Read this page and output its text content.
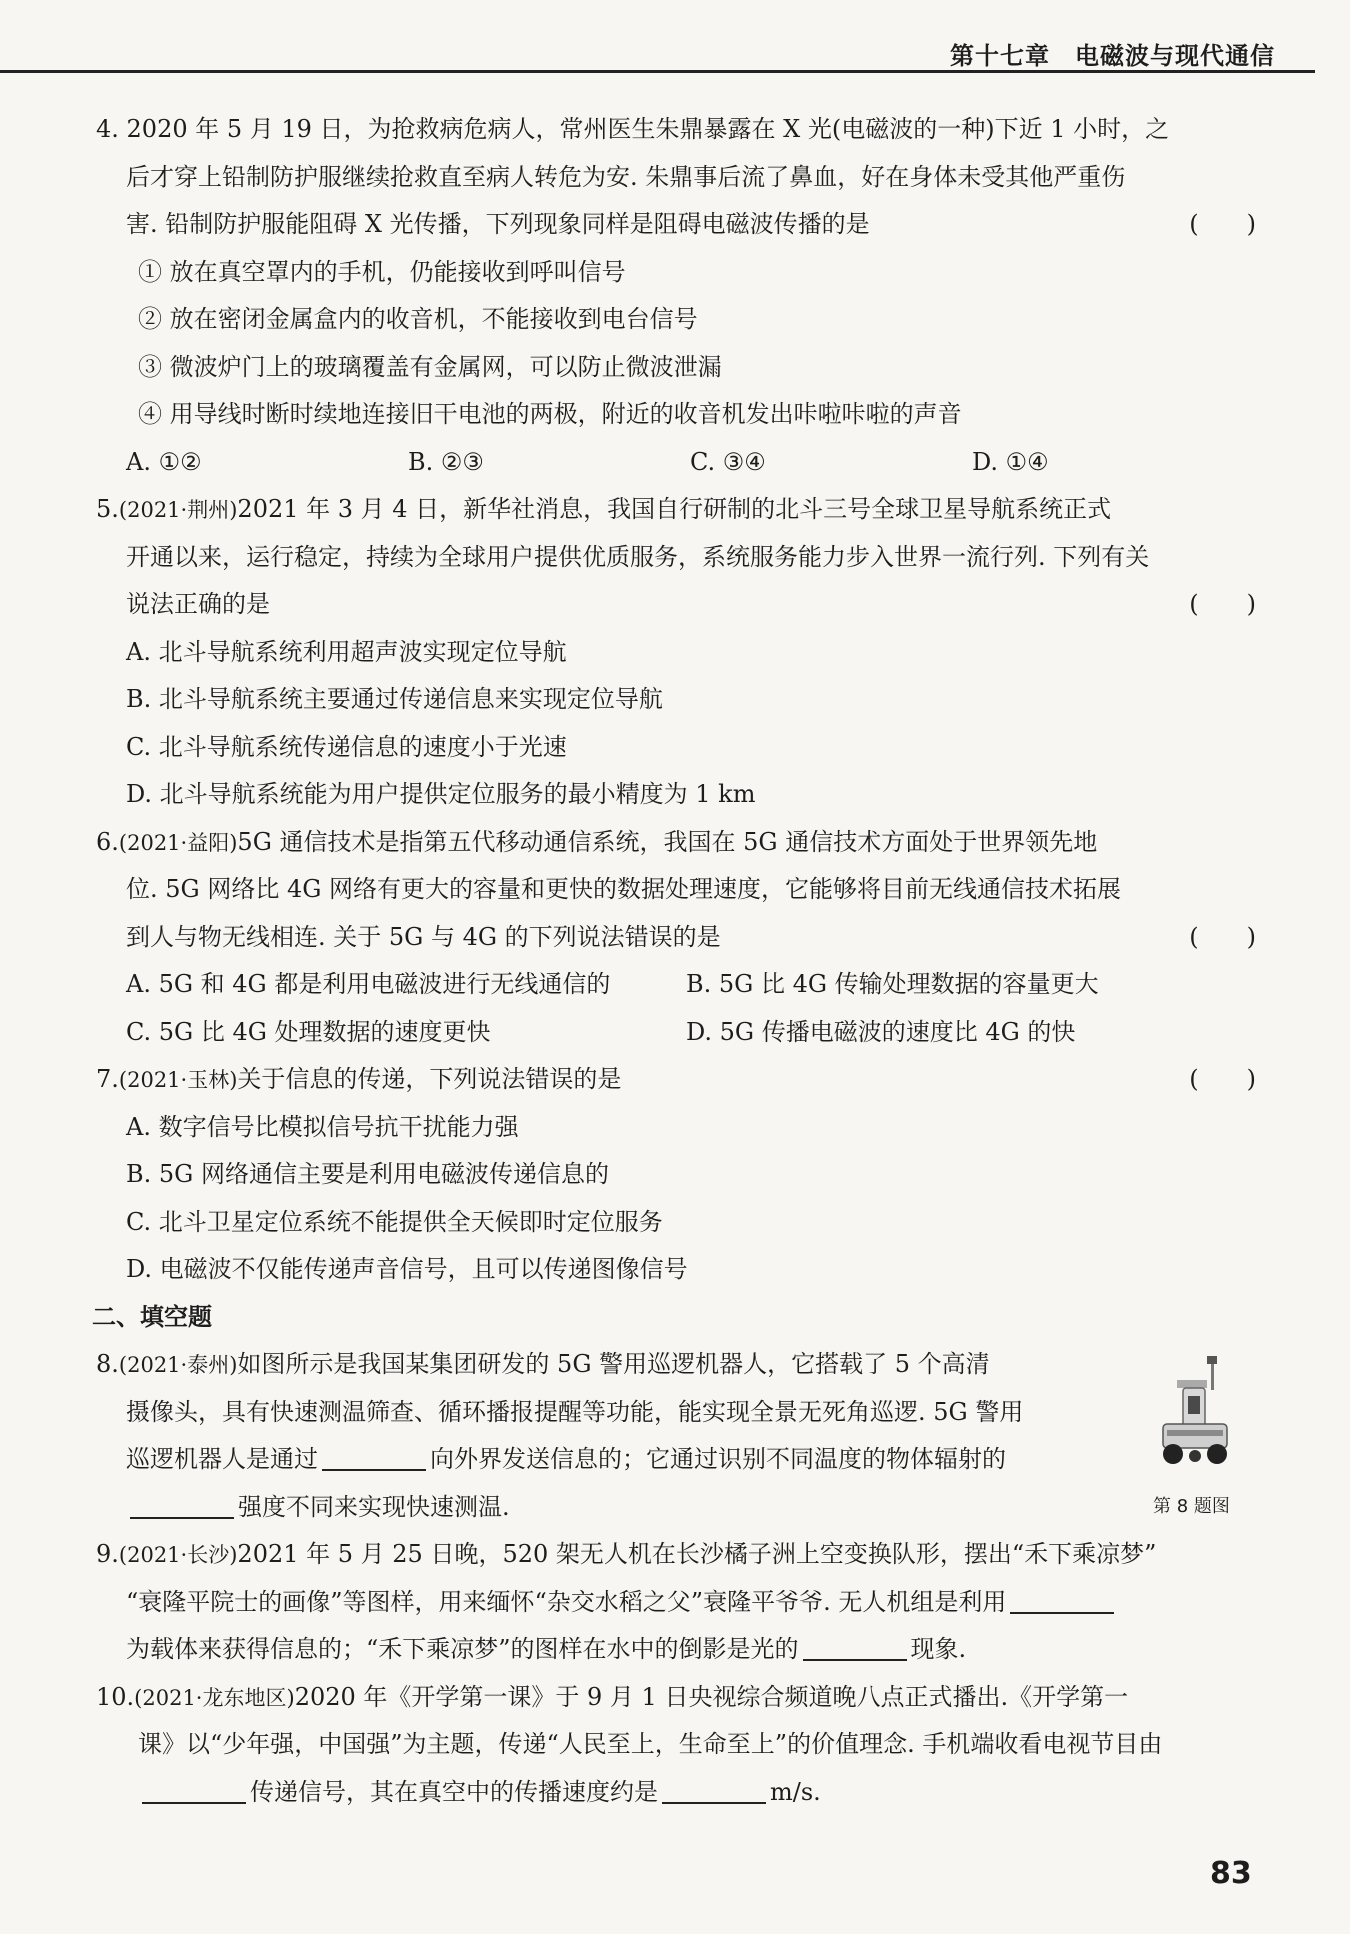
第十七章　电磁波与现代通信
4. 2020 年 5 月 19 日，为抢救病危病人，常州医生朱鼎暴露在 X 光(电磁波的一种)下近 1 小时，之
后才穿上铅制防护服继续抢救直至病人转危为安. 朱鼎事后流了鼻血，好在身体未受其他严重伤
害. 铅制防护服能阻碍 X 光传播，下列现象同样是阻碍电磁波传播的是	(　　)
① 放在真空罩内的手机，仍能接收到呼叫信号
② 放在密闭金属盒内的收音机，不能接收到电台信号
③ 微波炉门上的玻璃覆盖有金属网，可以防止微波泄漏
④ 用导线时断时续地连接旧干电池的两极，附近的收音机发出咔啦咔啦的声音
A. ①②	B. ②③	C. ③④	D. ①④
5.(2021·荆州)2021 年 3 月 4 日，新华社消息，我国自行研制的北斗三号全球卫星导航系统正式
开通以来，运行稳定，持续为全球用户提供优质服务，系统服务能力步入世界一流行列. 下列有关
说法正确的是	(　　)
A. 北斗导航系统利用超声波实现定位导航
B. 北斗导航系统主要通过传递信息来实现定位导航
C. 北斗导航系统传递信息的速度小于光速
D. 北斗导航系统能为用户提供定位服务的最小精度为 1 km
6.(2021·益阳)5G 通信技术是指第五代移动通信系统，我国在 5G 通信技术方面处于世界领先地
位. 5G 网络比 4G 网络有更大的容量和更快的数据处理速度，它能够将目前无线通信技术拓展
到人与物无线相连. 关于 5G 与 4G 的下列说法错误的是	(　　)
A. 5G 和 4G 都是利用电磁波进行无线通信的	B. 5G 比 4G 传输处理数据的容量更大
C. 5G 比 4G 处理数据的速度更快	D. 5G 传播电磁波的速度比 4G 的快
7.(2021·玉林)关于信息的传递，下列说法错误的是	(　　)
A. 数字信号比模拟信号抗干扰能力强
B. 5G 网络通信主要是利用电磁波传递信息的
C. 北斗卫星定位系统不能提供全天候即时定位服务
D. 电磁波不仅能传递声音信号，且可以传递图像信号
二、填空题
8.(2021·泰州)如图所示是我国某集团研发的 5G 警用巡逻机器人，它搭载了 5 个高清
摄像头，具有快速测温筛查、循环播报提醒等功能，能实现全景无死角巡逻. 5G 警用
巡逻机器人是通过	向外界发送信息的；它通过识别不同温度的物体辐射的
强度不同来实现快速测温.
9.(2021·长沙)2021 年 5 月 25 日晚，520 架无人机在长沙橘子洲上空变换队形，摆出“禾下乘凉梦”
“衰隆平院士的画像”等图样，用来缅怀“杂交水稻之父”衰隆平爷爷. 无人机组是利用
为载体来获得信息的；“禾下乘凉梦”的图样在水中的倒影是光的	现象.
10.(2021·龙东地区)2020 年《开学第一课》于 9 月 1 日央视综合频道晚八点正式播出.《开学第一
课》以“少年强，中国强”为主题，传递“人民至上，生命至上”的价值理念. 手机端收看电视节目由
传递信号，其在真空中的传播速度约是	m/s.
第 8 题图
83
